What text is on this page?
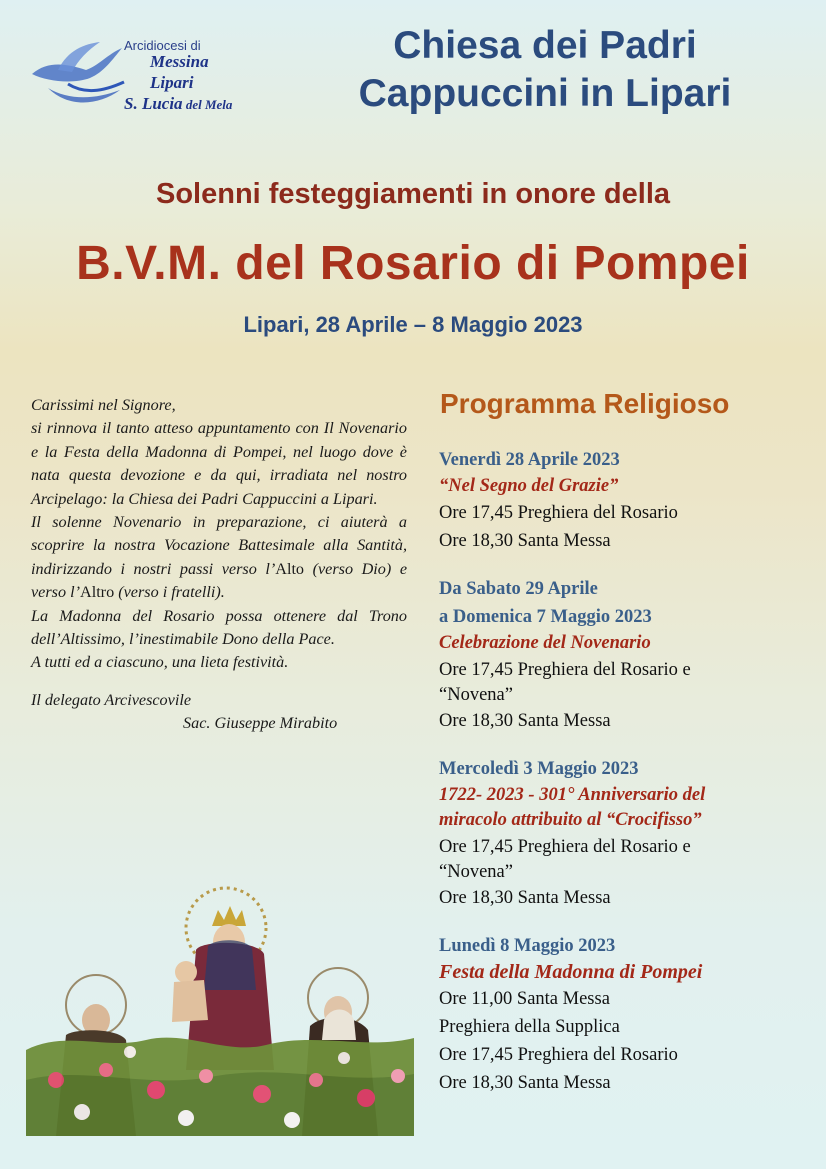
Arcidiocesi di
Messina
Lipari
S. Lucia del Mela
Chiesa dei Padri
Cappuccini in Lipari
Solenni festeggiamenti in onore della
B.V.M. del Rosario di Pompei
Lipari, 28 Aprile – 8 Maggio 2023

Carissimi nel Signore,

si rinnova il tanto atteso appuntamento con Il Novenario e la Festa della Madonna di Pompei, nel luogo dove è nata questa devozione e da qui, irradiata nel nostro Arcipelago: la Chiesa dei Padri Cappuccini a Lipari.

Il solenne Novenario in preparazione, ci aiuterà a scoprire la nostra Vocazione Battesimale alla Santità, indirizzando i nostri passi verso l’Alto (verso Dio) e verso l’Altro (verso i fratelli).

La Madonna del Rosario possa ottenere dal Trono dell’Altissimo, l’inestimabile Dono della Pace.

A tutti ed a ciascuno, una lieta festività.

Il delegato Arcivescovile

Sac. Giuseppe Mirabito

Programma Religioso
Venerdì 28 Aprile 2023
“Nel Segno del Grazie”
Ore 17,45 Preghiera del Rosario
Ore 18,30 Santa Messa
Da Sabato 29 Aprile
a Domenica 7 Maggio 2023
Celebrazione del Novenario
Ore 17,45 Preghiera del Rosario e
“Novena”
Ore 18,30 Santa Messa
Mercoledì 3 Maggio 2023
1722- 2023 - 301° Anniversario del
miracolo attribuito al “Crocifisso”
Ore 17,45 Preghiera del Rosario e
“Novena”
Ore 18,30 Santa Messa
Lunedì 8 Maggio 2023
Festa della Madonna di Pompei
Ore 11,00 Santa Messa
Preghiera della Supplica
Ore 17,45 Preghiera del Rosario
Ore 18,30 Santa Messa
